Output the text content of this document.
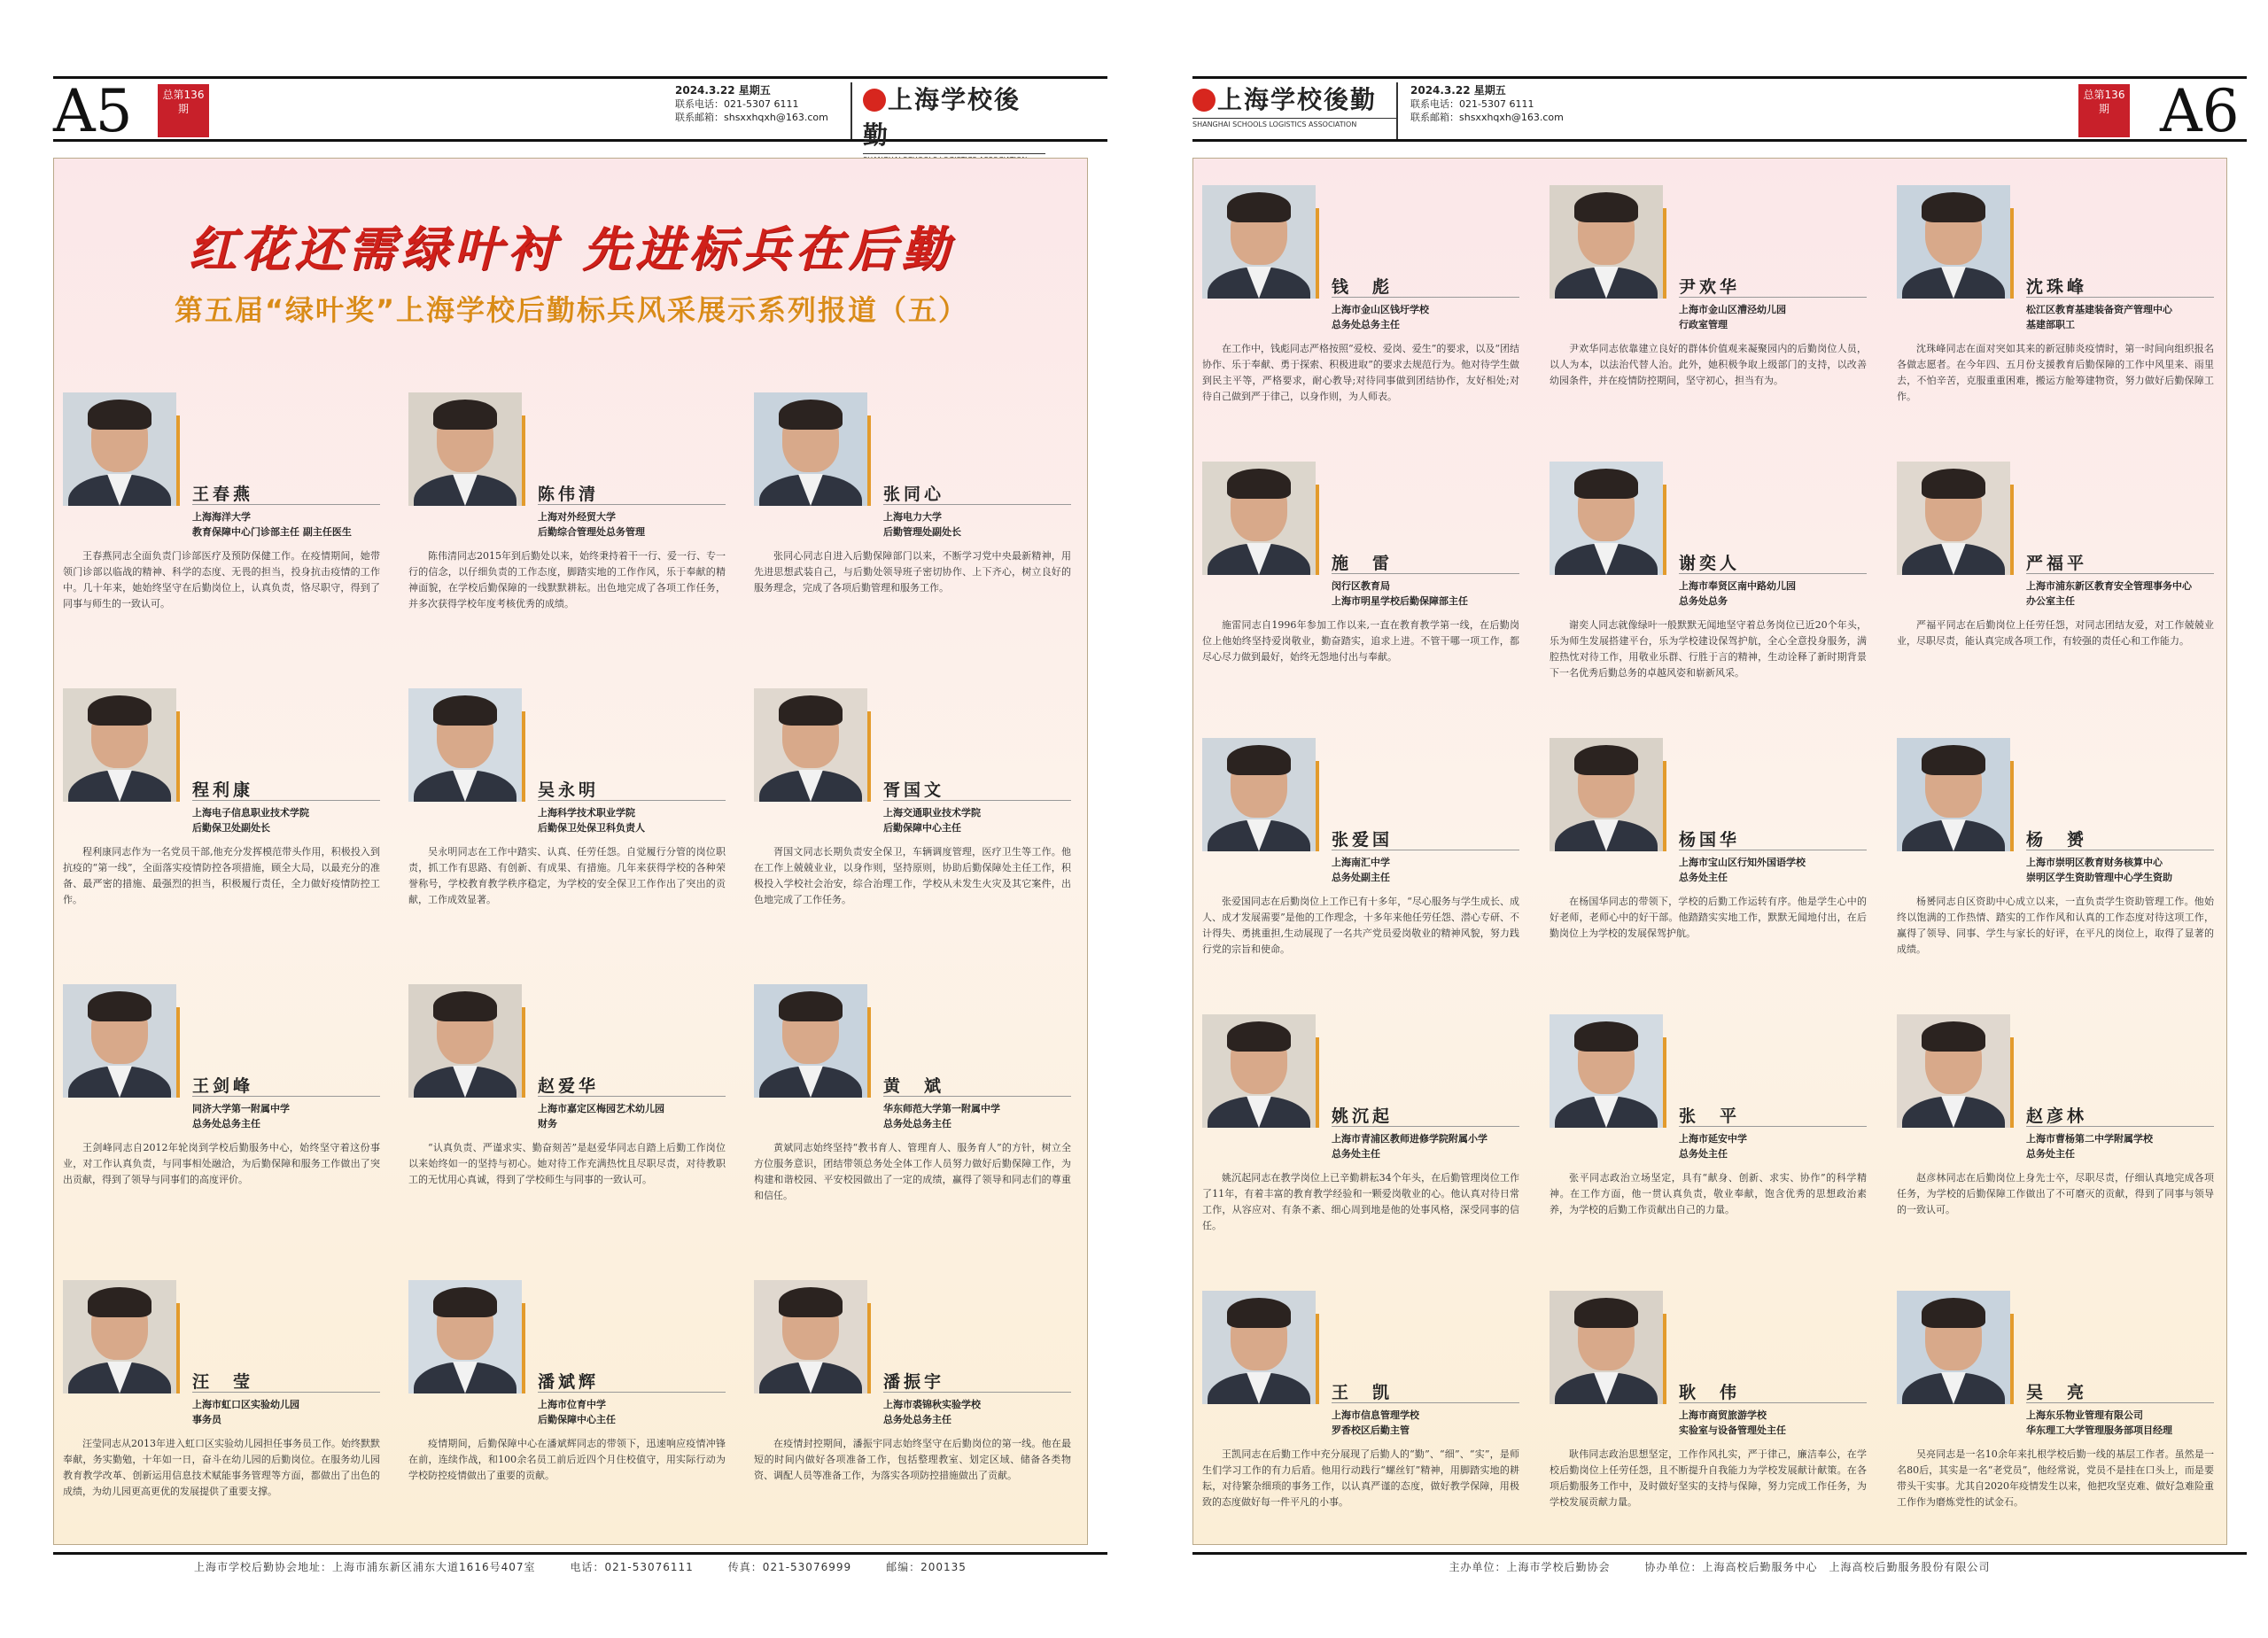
A5	总第136期
2024.3.22 星期五
联系电话：021-5307 6111
联系邮箱：shsxxhqxh@163.com
上海学校後勤
红花还需绿叶衬 先进标兵在后勤
第五届“绿叶奖”上海学校后勤标兵风采展示系列报道（五）
王春燕
上海海洋大学
教育保障中心门诊部主任 副主任医生
王春燕同志全面负责门诊部医疗及预防保健工作。在疫情期间，她带领门诊部以临战的精神、科学的态度、无畏的担当，投身抗击疫情的工作中。几十年来，她始终坚守在后勤岗位上，认真负责，恪尽职守，得到了同事与师生的一致认可。
陈伟清
上海对外经贸大学
后勤综合管理处总务管理
陈伟清同志2015年到后勤处以来，始终秉持着干一行、爱一行、专一行的信念，以仔细负责的工作态度，脚踏实地的工作作风，乐于奉献的精神面貌，在学校后勤保障的一线默默耕耘。出色地完成了各项工作任务，并多次获得学校年度考核优秀的成绩。
张同心
上海电力大学
后勤管理处副处长
张同心同志自进入后勤保障部门以来，不断学习党中央最新精神，用先进思想武装自己，与后勤处领导班子密切协作、上下齐心，树立良好的服务理念，完成了各项后勤管理和服务工作。
程利康
上海电子信息职业技术学院
后勤保卫处副处长
程利康同志作为一名党员干部,他充分发挥模范带头作用，积极投入到抗疫的“第一线”，全面落实疫情防控各项措施，顾全大局，以最充分的准备、最严密的措施、最强烈的担当，积极履行责任，全力做好疫情防控工作。
吴永明
上海科学技术职业学院
后勤保卫处保卫科负责人
吴永明同志在工作中踏实、认真、任劳任怨。自觉履行分管的岗位职责，抓工作有思路、有创新、有成果、有措施。几年来获得学校的各种荣誉称号，学校教育教学秩序稳定，为学校的安全保卫工作作出了突出的贡献，工作成效显著。
胥国文
上海交通职业技术学院
后勤保障中心主任
胥国文同志长期负责安全保卫，车辆调度管理，医疗卫生等工作。他在工作上兢兢业业，以身作则，坚持原则，协助后勤保障处主任工作，积极投入学校社会治安，综合治理工作，学校从未发生火灾及其它案件，出色地完成了工作任务。
王剑峰
同济大学第一附属中学
总务处总务主任
王剑峰同志自2012年轮岗到学校后勤服务中心，始终坚守着这份事业，对工作认真负责，与同事相处融洽，为后勤保障和服务工作做出了突出贡献，得到了领导与同事们的高度评价。
赵爱华
上海市嘉定区梅园艺术幼儿园
财务
“认真负责、严谨求实、勤奋刻苦”是赵爱华同志自踏上后勤工作岗位以来始终如一的坚持与初心。她对待工作充满热忱且尽职尽责，对待教职工的无忧用心真诚，得到了学校师生与同事的一致认可。
黄　斌
华东师范大学第一附属中学
总务处总务主任
黄斌同志始终坚持“教书育人、管理育人、服务育人”的方针，树立全方位服务意识，团结带领总务处全体工作人员努力做好后勤保障工作，为构建和谐校园、平安校园做出了一定的成绩，赢得了领导和同志们的尊重和信任。
汪　莹
上海市虹口区实验幼儿园
事务员
汪莹同志从2013年进入虹口区实验幼儿园担任事务员工作。始终默默奉献，务实勤勉，十年如一日，奋斗在幼儿园的后勤岗位。在服务幼儿园教育教学改革、创新运用信息技术赋能事务管理等方面，都做出了出色的成绩，为幼儿园更高更优的发展提供了重要支撑。
潘斌辉
上海市位育中学
后勤保障中心主任
疫情期间，后勤保障中心在潘斌辉同志的带领下，迅速响应疫情冲锋在前，连续作战，和100余名员工前后近四个月住校值守，用实际行动为学校防控疫情做出了重要的贡献。
潘振宇
上海市裘锦秋实验学校
总务处总务主任
在疫情封控期间，潘振宇同志始终坚守在后勤岗位的第一线。他在最短的时间内做好各项准备工作，包括整理教室、划定区域、储备各类物资、调配人员等准备工作，为落实各项防控措施做出了贡献。
上海市学校后勤协会地址：上海市浦东新区浦东大道1616号407室　　　电话：021-53076111　　　传真：021-53076999　　　邮编：200135
上海学校後勤
SHANGHAI SCHOOLS LOGISTICS ASSOCIATION
2024.3.22 星期五
联系电话：021-5307 6111
联系邮箱：shsxxhqxh@163.com
总第136期 A6
钱　彪
上海市金山区钱圩学校
总务处总务主任
在工作中，钱彪同志严格按照“爱校、爱岗、爱生”的要求，以及“团结协作、乐于奉献、勇于探索、积极进取”的要求去规范行为。他对待学生做到民主平等，严格要求，耐心教导;对待同事做到团结协作，友好相处;对待自己做到严于律己，以身作则，为人师表。
尹欢华
上海市金山区漕泾幼儿园
行政室管理
尹欢华同志依靠建立良好的群体价值观来凝聚园内的后勤岗位人员，以人为本，以法治代替人治。此外，她积极争取上级部门的支持，以改善幼园条件，并在疫情防控期间，坚守初心，担当有为。
沈珠峰
松江区教育基建装备资产管理中心
基建部职工
沈珠峰同志在面对突如其来的新冠肺炎疫情时，第一时间向组织报名各做志愿者。在今年四、五月份支援教育后勤保障的工作中风里来、雨里去，不怕辛苦，克服重重困难，搬运方舱筹建物资，努力做好后勤保障工作。
施　雷
闵行区教育局
上海市明星学校后勤保障部主任
施雷同志自1996年参加工作以来,一直在教育教学第一线，在后勤岗位上他始终坚持爱岗敬业，勤奋踏实，追求上进。不管干哪一项工作，都尽心尽力做到最好，始终无怨地付出与奉献。
谢奕人
上海市奉贤区南中路幼儿园
总务处总务
谢奕人同志就像绿叶一般默默无闻地坚守着总务岗位已近20个年头，乐为师生发展搭建平台，乐为学校建设保驾护航，全心全意投身服务，满腔热忱对待工作，用敬业乐群、行胜于言的精神，生动诠释了新时期背景下一名优秀后勤总务的卓越风姿和崭新风采。
严福平
上海市浦东新区教育安全管理事务中心
办公室主任
严福平同志在后勤岗位上任劳任怨，对同志团结友爱，对工作兢兢业业，尽职尽责，能认真完成各项工作，有较强的责任心和工作能力。
张爱国
上海南汇中学
总务处副主任
张爱国同志在后勤岗位上工作已有十多年，“尽心服务与学生成长、成人、成才发展需要”是他的工作理念，十多年来他任劳任怨、潜心专研、不计得失、勇挑重担,生动展现了一名共产党员爱岗敬业的精神风貌，努力践行党的宗旨和使命。
杨国华
上海市宝山区行知外国语学校
总务处主任
在杨国华同志的带领下，学校的后勤工作运转有序。他是学生心中的好老师，老师心中的好干部。他踏踏实实地工作，默默无闻地付出，在后勤岗位上为学校的发展保驾护航。
杨　赟
上海市崇明区教育财务核算中心
崇明区学生资助管理中心学生资助
杨赟同志自区资助中心成立以来，一直负责学生资助管理工作。他始终以饱满的工作热情、踏实的工作作风和认真的工作态度对待这项工作，赢得了领导、同事、学生与家长的好评，在平凡的岗位上，取得了显著的成绩。
姚沉起
上海市青浦区教师进修学院附属小学
总务处主任
姚沉起同志在教学岗位上已辛勤耕耘34个年头，在后勤管理岗位工作了11年，有着丰富的教育教学经验和一颗爱岗敬业的心。他认真对待日常工作，从容应对、有条不紊、细心周到地是他的处事风格，深受同事的信任。
张　平
上海市延安中学
总务处主任
张平同志政治立场坚定，具有“献身、创新、求实、协作”的科学精神。在工作方面，他一贯认真负责，敬业奉献，饱含优秀的思想政治素养，为学校的后勤工作贡献出自己的力量。
赵彦林
上海市曹杨第二中学附属学校
总务处主任
赵彦林同志在后勤岗位上身先士卒，尽职尽责，仔细认真地完成各项任务，为学校的后勤保障工作做出了不可磨灭的贡献，得到了同事与领导的一致认可。
王　凯
上海市信息管理学校
罗香校区后勤主管
王凯同志在后勤工作中充分展现了后勤人的“勤”、“细”、“实”，是师生们学习工作的有力后盾。他用行动践行“螺丝钉”精神，用脚踏实地的耕耘，对待繁杂细琐的事务工作，以认真严谨的态度，做好教学保障，用极致的态度做好每一件平凡的小事。
耿　伟
上海市商贸旅游学校
实验室与设备管理处主任
耿伟同志政治思想坚定，工作作风扎实，严于律己，廉洁奉公，在学校后勤岗位上任劳任怨，且不断提升自我能力为学校发展献计献策。在各项后勤服务工作中，及时做好坚实的支持与保障，努力完成工作任务，为学校发展贡献力量。
吴　亮
上海东乐物业管理有限公司
华东理工大学管理服务部项目经理
吴亮同志是一名10余年来扎根学校后勤一线的基层工作者。虽然是一名80后，其实是一名“老党员”，他经常说，党员不是挂在口头上，而是要带头干实事。尤其自2020年疫情发生以来，他把攻坚克难、做好急难险重工作作为磨炼党性的试金石。
主办单位：上海市学校后勤协会　　　协办单位：上海高校后勤服务中心　上海高校后勤服务股份有限公司
